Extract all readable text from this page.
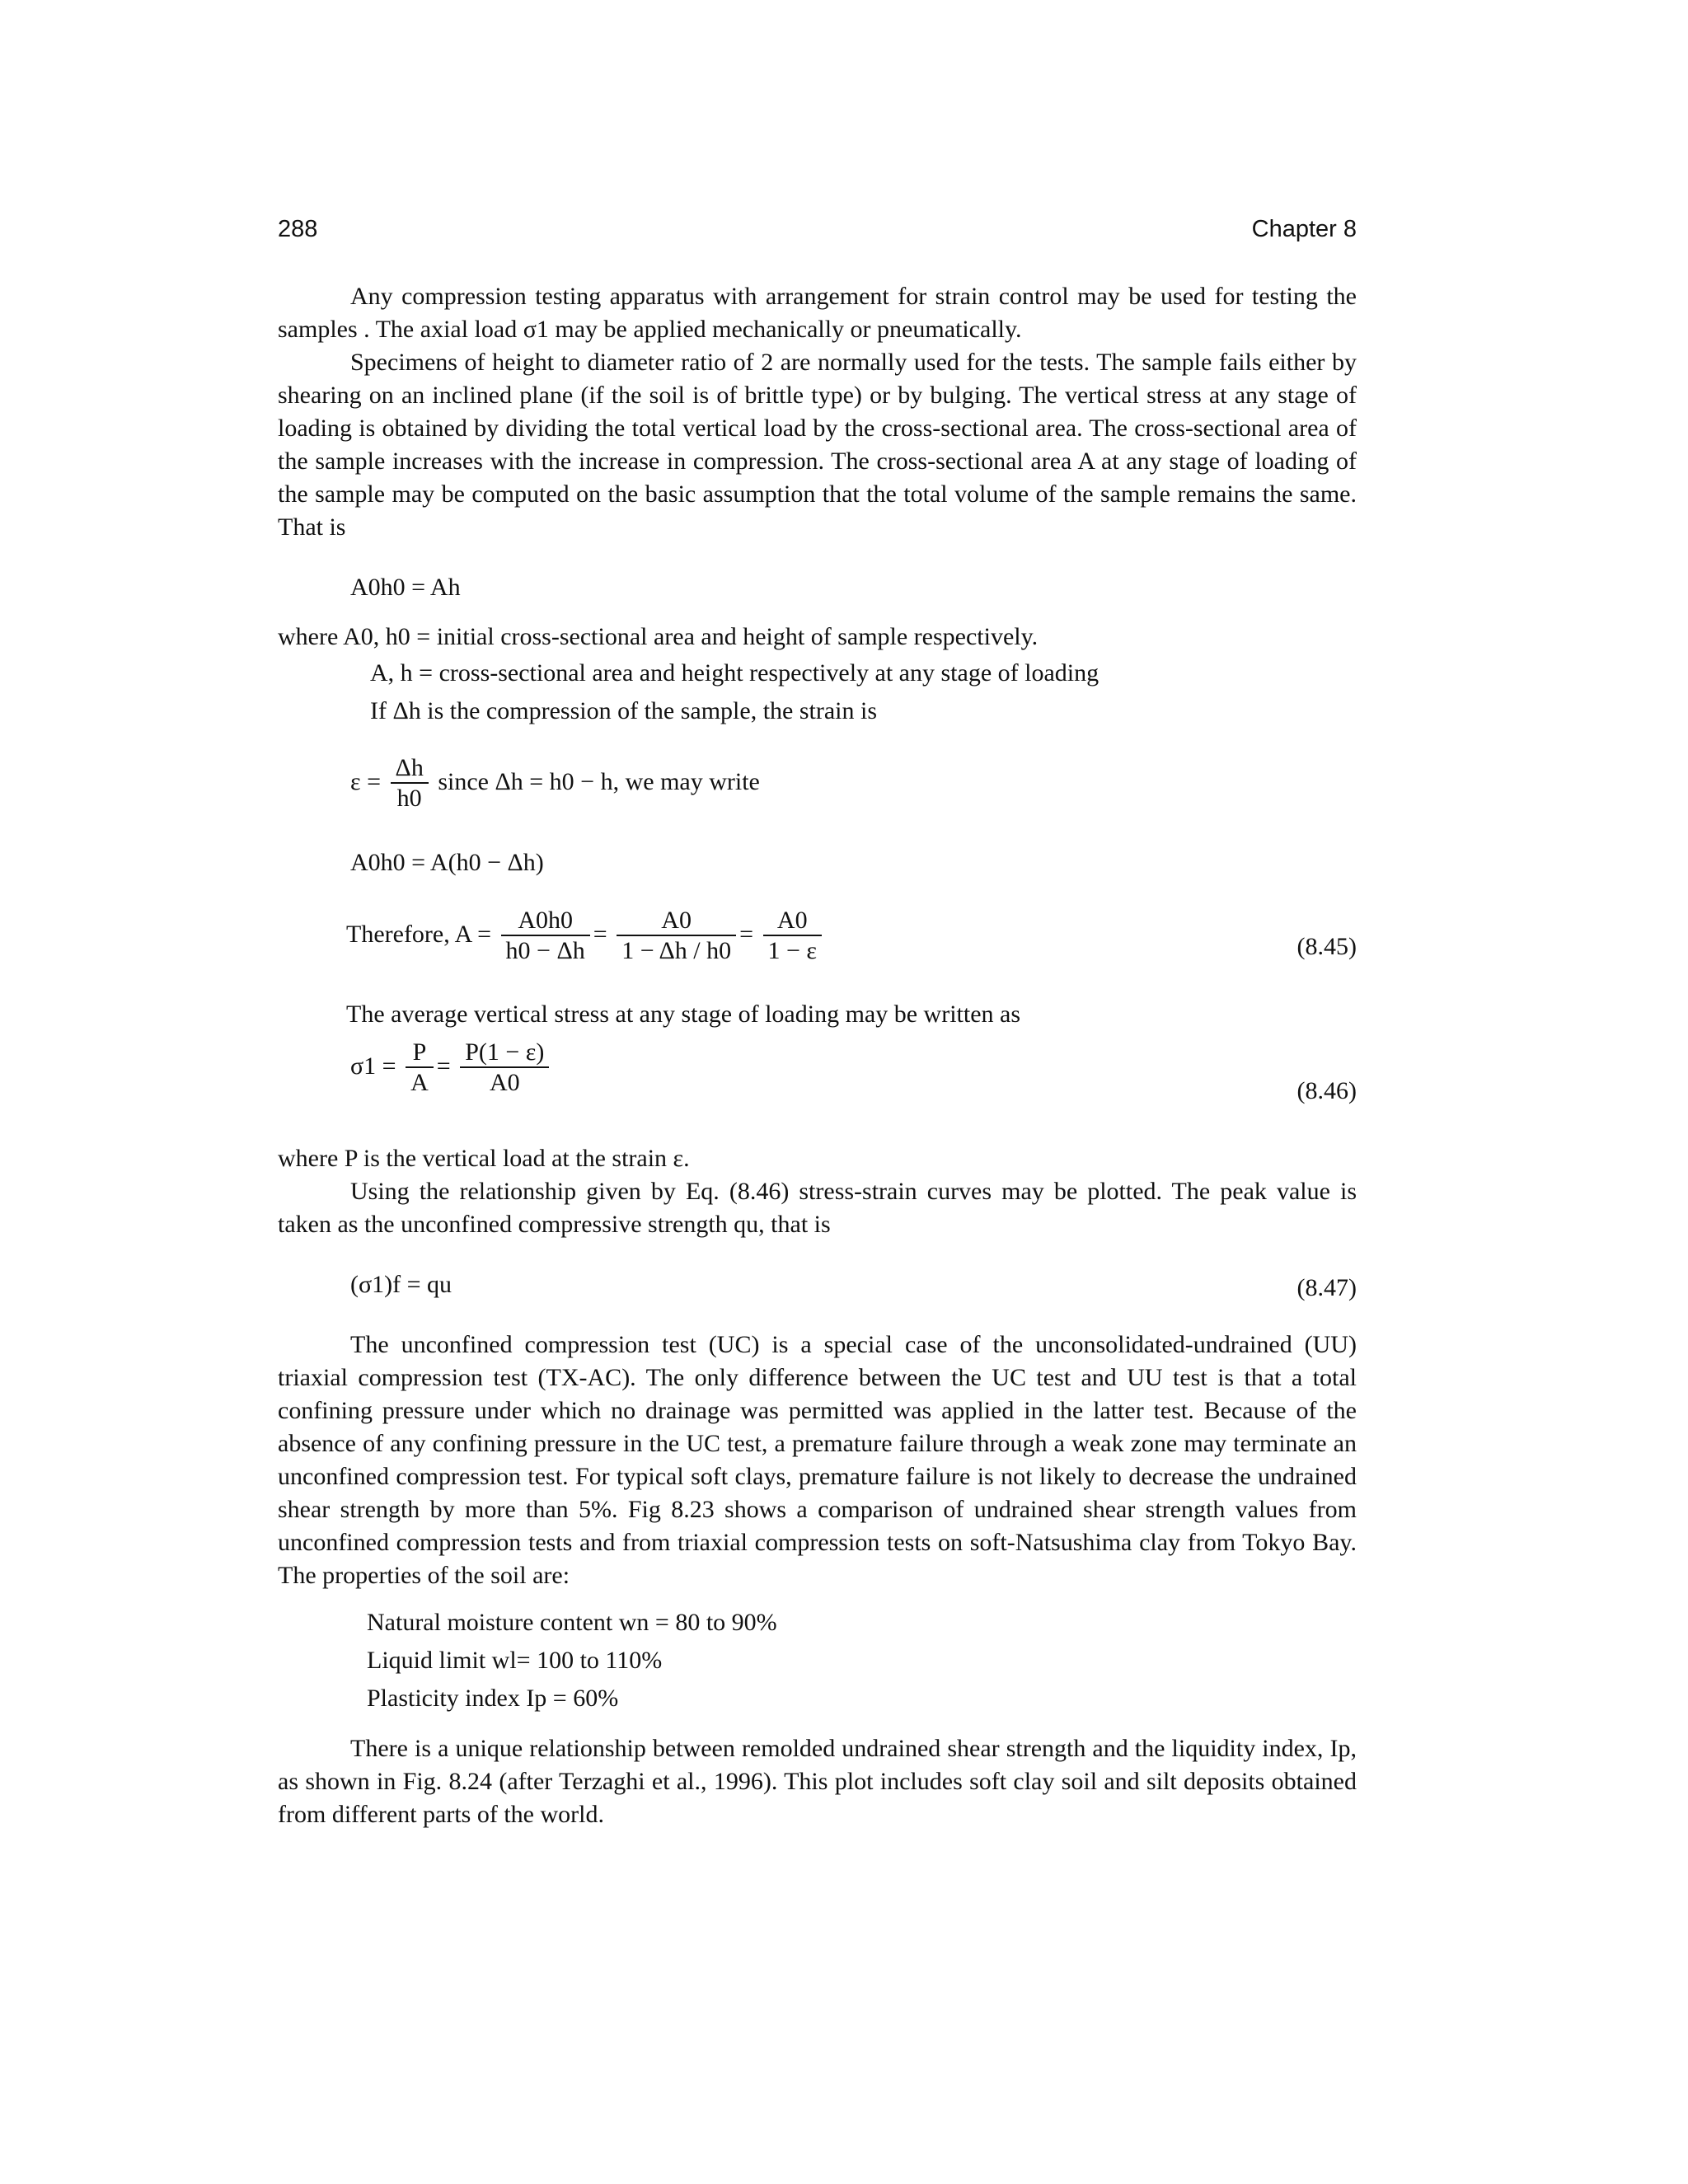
288	Chapter 8

Any compression testing apparatus with arrangement for strain control may be used for testing the samples . The axial load σ1 may be applied mechanically or pneumatically.

Specimens of height to diameter ratio of 2 are normally used for the tests. The sample fails either by shearing on an inclined plane (if the soil is of brittle type) or by bulging. The vertical stress at any stage of loading is obtained by dividing the total vertical load by the cross-sectional area. The cross-sectional area of the sample increases with the increase in compression. The cross-sectional area A at any stage of loading of the sample may be computed on the basic assumption that the total volume of the sample remains the same. That is

A0h0 = Ah
where A0, h0 = initial cross-sectional area and height of sample respectively.
A, h = cross-sectional area and height respectively at any stage of loading
If Δh is the compression of the sample, the strain is
$\varepsilon = \frac{\Delta h}{h0}$ since Δh = h0 − h, we may write
A0h0 = A(h0 − Δh)
Therefore, $A = \frac{A0h0}{h0 - \Delta h} = \frac{A0}{1 - \Delta h / h0} = \frac{A0}{1 - \varepsilon}$	(8.45)
The average vertical stress at any stage of loading may be written as
$\sigma 1 = \frac{P}{A} = \frac{P(1 - \varepsilon)}{A0}$	(8.46)
where P is the vertical load at the strain ε.

Using the relationship given by Eq. (8.46) stress-strain curves may be plotted. The peak value is taken as the unconfined compressive strength qu, that is

(σ1)f = qu	(8.47)

The unconfined compression test (UC) is a special case of the unconsolidated-undrained (UU) triaxial compression test (TX-AC). The only difference between the UC test and UU test is that a total confining pressure under which no drainage was permitted was applied in the latter test. Because of the absence of any confining pressure in the UC test, a premature failure through a weak zone may terminate an unconfined compression test. For typical soft clays, premature failure is not likely to decrease the undrained shear strength by more than 5%. Fig 8.23 shows a comparison of undrained shear strength values from unconfined compression tests and from triaxial compression tests on soft-Natsushima clay from Tokyo Bay. The properties of the soil are:

Natural moisture content wn = 80 to 90%
Liquid limit wl= 100 to 110%
Plasticity index Ip = 60%

There is a unique relationship between remolded undrained shear strength and the liquidity index, Ip, as shown in Fig. 8.24 (after Terzaghi et al., 1996). This plot includes soft clay soil and silt deposits obtained from different parts of the world.
